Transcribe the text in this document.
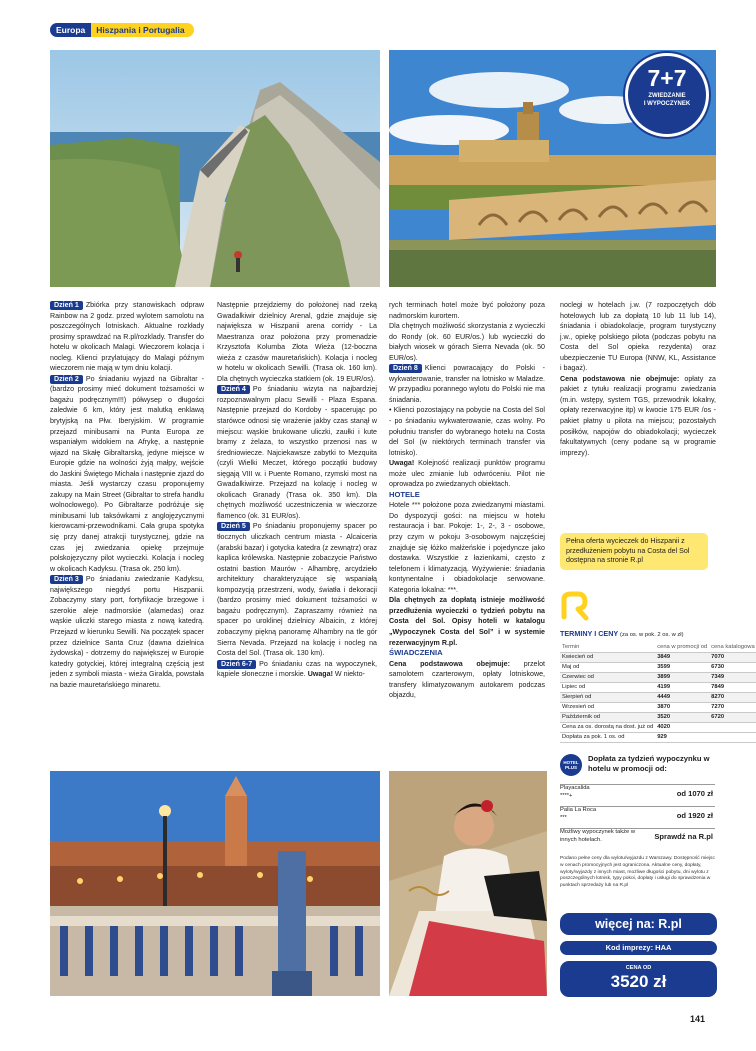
Europa	Hiszpania i Portugalia
7+7
ZWIEDZANIE
I WYPOCZYNEK

Dzień 1 Zbiórka przy stanowiskach odpraw Rainbow na 2 godz. przed wylotem samolotu na poszczególnych lotniskach. Aktualne rozkłady prosimy sprawdzać na R.pl/rozklady. Transfer do hotelu w okolicach Malagi. Wieczorem kolacja i nocleg. Klienci przylatujący do Malagi późnym wieczorem nie mają w tym dniu kolacji.

Dzień 2 Po śniadaniu wyjazd na Gibraltar - (bardzo prosimy mieć dokument tożsamości w bagażu podręcznym!!!) półwysep o długości zaledwie 6 km, który jest malutką enklawą brytyjską na Płw. Iberyjskim. W programie przejazd minibusami na Punta Europa ze wspaniałym widokiem na Afrykę, a następnie wjazd na Skałę Gibraltarską, jedyne miejsce w Europie gdzie na wolności żyją małpy, wejście do Jaskini Świętego Michała i następnie zjazd do miasta. Jeśli wystarczy czasu proponujemy zakupy na Main Street (Gibraltar to strefa handlu wolnocłowego). Po Gibraltarze podróżuje się minibusami lub taksówkami z anglojęzycznymi kierowcami-przewodnikami. Cała grupa spotyka się przy danej atrakcji turystycznej, gdzie na czas jej zwiedzania opiekę przejmuje polskojęzyczny pilot wycieczki. Kolacja i nocleg w okolicach Kadyksu. (Trasa ok. 250 km).

Dzień 3 Po śniadaniu zwiedzanie Kadyksu, największego niegdyś portu Hiszpanii. Zobaczymy stary port, fortyfikacje brzegowe i szerokie aleje nadmorskie (alamedas) oraz wąskie uliczki starego miasta z nową katedrą. Przejazd w kierunku Sewilli. Na początek spacer przez dzielnice Santa Cruz (dawna dzielnica żydowska) - dotrzemy do największej w Europie katedry gotyckiej, której integralną częścią jest jeden z symboli miasta - wieża Giralda, powstała na bazie mauretańskiego minaretu.

Następnie przejdziemy do położonej nad rzeką Gwadalkiwir dzielnicy Arenal, gdzie znajduje się największa w Hiszpanii arena corridy - La Maestranza oraz położona przy promenadzie Krzysztofa Kolumba Złota Wieża (12-boczna wieża z czasów mauretańskich). Kolacja i nocleg w hotelu w okolicach Sewilli. (Trasa ok. 160 km). Dla chętnych wycieczka statkiem (ok. 19 EUR/os).

Dzień 4 Po śniadaniu wizyta na najbardziej rozpoznawalnym placu Sewilli - Plaza Espana. Następnie przejazd do Kordoby - spacerując po starówce odnosi się wrażenie jakby czas stanął w miejscu: wąskie brukowane uliczki, zaułki i kute bramy z żelaza, to wszystko przenosi nas w średniowiecze. Najciekawsze zabytki to Mezquita (czyli Wielki Meczet, którego początki budowy sięgają VIII w. i Puente Romano, rzymski most na Gwadalkiwirze. Przejazd na kolację i nocleg w okolicach Granady (Trasa ok. 350 km). Dla chętnych możliwość uczestniczenia w wieczorze flamenco (ok. 31 EUR/os).

Dzień 5 Po śniadaniu proponujemy spacer po tłocznych uliczkach centrum miasta - Alcaiceria (arabski bazar) i gotycka katedra (z zewnątrz) oraz kaplica królewska. Następnie zobaczycie Państwo ostatni bastion Maurów - Alhambrę, arcydzieło architektury charakteryzujące się wspaniałą kompozycją przestrzeni, wody, światła i dekoracji (bardzo prosimy mieć dokument tożsamości w bagażu podręcznym). Zapraszamy również na spacer po uroklinej dzielnicy Albaicin, z której zobaczymy piękną panoramę Alhambry na tle gór Sierra Nevada. Przejazd na kolację i nocleg na Costa del Sol. (Trasa ok. 130 km).

Dzień 6-7 Po śniadaniu czas na wypoczynek, kąpiele słoneczne i morskie. Uwaga! W niekto-

rych terminach hotel może być położony poza nadmorskim kurortem.

Dla chętnych możliwość skorzystania z wycieczki do Rondy (ok. 60 EUR/os.) lub wycieczki do białych wiosek w górach Sierra Nevada (ok. 50 EUR/os).

Dzień 8 Klienci powracający do Polski - wykwaterowanie, transfer na lotnisko w Maladze. W przypadku porannego wylotu do Polski nie ma śniadania.

• Klienci pozostający na pobycie na Costa del Sol - po śniadaniu wykwaterowanie, czas wolny. Po południu transfer do wybranego hotelu na Costa del Sol (w niektórych terminach transfer via lotnisko).

Uwaga! Kolejność realizacji punktów programu może ulec zmianie lub odwróceniu. Pilot nie oprowadza po zwiedzanych obiektach.

HOTELE

Hotele *** położone poza zwiedzanymi miastami. Do dyspozycji gości: na miejscu w hotelu restauracja i bar. Pokoje: 1-, 2-, 3 - osobowe, przy czym w pokoju 3-osobowym najczęściej znajduje się łóżko małżeńskie i pojedyncze jako dostawka. Wszystkie z łazienkami, często z telefonem i klimatyzacją. Wyżywienie: śniadania kontynentalne i obiadokolacje serwowane. Kategoria lokalna: ***.

Dla chętnych za dopłatą istnieje możliwość przedłużenia wycieczki o tydzień pobytu na Costa del Sol. Opisy hoteli w katalogu „Wypoczynek Costa del Sol” i w systemie rezerwacyjnym R.pl.

ŚWIADCZENIA

Cena podstawowa obejmuje: przelot samolotem czarterowym, opłaty lotniskowe, transfery klimatyzowanym autokarem podczas objazdu,

noclegi w hotelach j.w. (7 rozpoczętych dób hotelowych lub za dopłatą 10 lub 11 lub 14), śniadania i obiadokolacje, program turystyczny j.w., opiekę polskiego pilota (podczas pobytu na Costa del Sol opieka rezydenta) oraz ubezpieczenie TU Europa (NNW, KL, Assistance i bagaż).

Cena podstawowa nie obejmuje: opłaty za pakiet z tytułu realizacji programu zwiedzania (m.in. wstępy, system TGS, przewodnik lokalny, opłaty rezerwacyjne itp) w kwocie 175 EUR /os - pakiet płatny u pilota na miejscu; pozostałych posiłków, napojów do obiadokolacji; wycieczek fakultatywnych (ceny podane są w programie imprezy).

Pełna oferta wycieczek do Hiszpanii z przedłużeniem pobytu na Costa del Sol dostępna na stronie R.pl
TERMINY I CENY (za os. w pok. 2 os. w zł)
Termin	cena w promocji od	cena katalogowa
Kwiecień od	3849	7070
Maj od	3599	6730
Czerwiec od	3899	7349
Lipiec od	4199	7849
Sierpień od	4449	8270
Wrzesień od	3870	7270
Październik od	3520	6720
Cena za os. dorostą na dost. już od	4020	
Dopłata za pok. 1 os. od	929	
HOTEL PLUS
Dopłata za tydzień wypoczynku w hotelu w promocji od:
Playacalida
****+	od 1070 zł
Palia La Roca
***	od 1920 zł
Możliwy wypoczynek także w innych hotelach.	Sprawdź na R.pl
Podano pełne ceny dla wylotu/wyjazdu z Warszawy. Dostępność miejsc w cenach promocyjnych jest ograniczona. Aktualne ceny, dopłaty, wyloty/wyjazdy z innych miast, możliwe długości pobytu, dni wylotu z poszczególnych lotnisk, typy pokoi, dopłaty i usługi do sprawdzenia w punktach sprzedaży lub na R.pl
więcej na: R.pl
Kod imprezy: HAA
CENA OD
3520 zł
141
